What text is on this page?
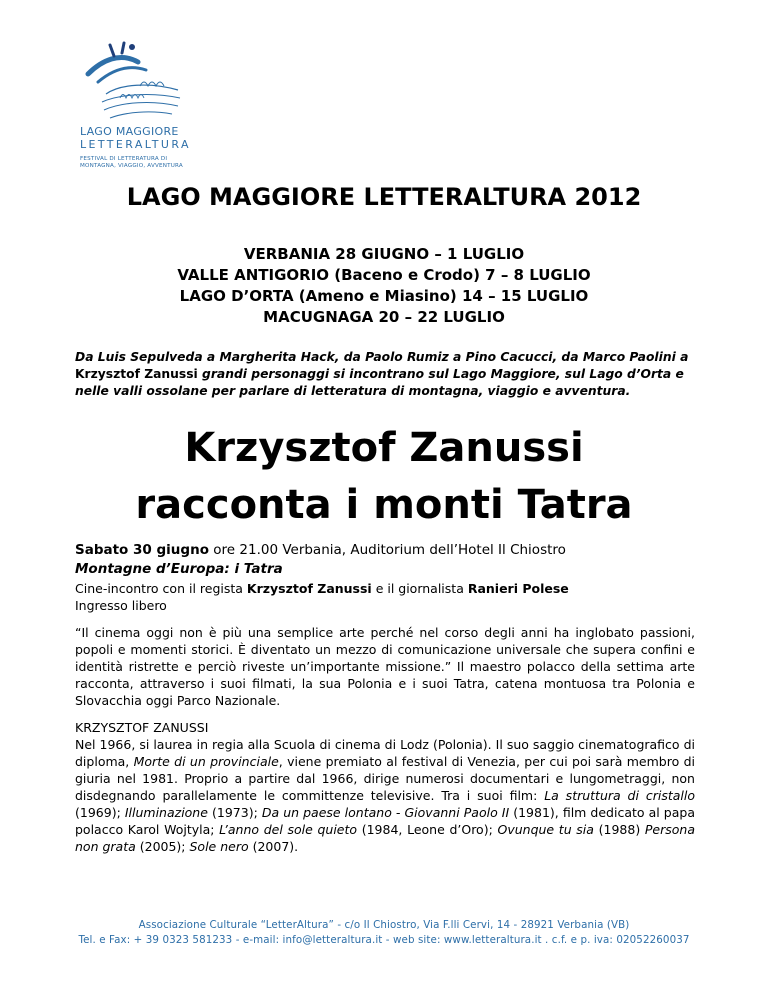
LAGO MAGGIORE
LETTERALTURA
FESTIVAL DI LETTERATURA DI
MONTAGNA, VIAGGIO, AVVENTURA
LAGO MAGGIORE LETTERALTURA 2012
VERBANIA 28 GIUGNO – 1 LUGLIO
VALLE ANTIGORIO (Baceno e Crodo) 7 – 8 LUGLIO
LAGO D’ORTA (Ameno e Miasino) 14 – 15 LUGLIO
MACUGNAGA 20 – 22 LUGLIO
Da Luis Sepulveda a Margherita Hack, da Paolo Rumiz a Pino Cacucci, da Marco Paolini a Krzysztof Zanussi grandi personaggi si incontrano sul Lago Maggiore, sul Lago d’Orta e nelle valli ossolane per parlare di letteratura di montagna, viaggio e avventura.
Krzysztof Zanussi
racconta i monti Tatra
Sabato 30 giugno ore 21.00 Verbania, Auditorium dell’Hotel Il Chiostro
Montagne d’Europa: i Tatra
Cine-incontro con il regista Krzysztof Zanussi e il giornalista Ranieri Polese
Ingresso libero
“Il cinema oggi non è più una semplice arte perché nel corso degli anni ha inglobato passioni, popoli e momenti storici. È diventato un mezzo di comunicazione universale che supera confini e identità ristrette e perciò riveste un’importante missione.” Il maestro polacco della settima arte racconta, attraverso i suoi filmati, la sua Polonia e i suoi Tatra, catena montuosa tra Polonia e Slovacchia oggi Parco Nazionale.
KRZYSZTOF ZANUSSI
Nel 1966, si laurea in regia alla Scuola di cinema di Lodz (Polonia). Il suo saggio cinematografico di diploma, Morte di un provinciale, viene premiato al festival di Venezia, per cui poi sarà membro di giuria nel 1981. Proprio a partire dal 1966, dirige numerosi documentari e lungometraggi, non disdegnando parallelamente le committenze televisive. Tra i suoi film: La struttura di cristallo (1969); Illuminazione (1973); Da un paese lontano - Giovanni Paolo II (1981), film dedicato al papa polacco Karol Wojtyla; L’anno del sole quieto (1984, Leone d’Oro); Ovunque tu sia (1988) Persona non grata (2005); Sole nero (2007).
Associazione Culturale “LetterAltura” - c/o Il Chiostro, Via F.lli Cervi, 14 - 28921 Verbania (VB)
Tel. e Fax: + 39 0323 581233 - e-mail: info@letteraltura.it - web site: www.letteraltura.it . c.f. e p. iva: 02052260037
